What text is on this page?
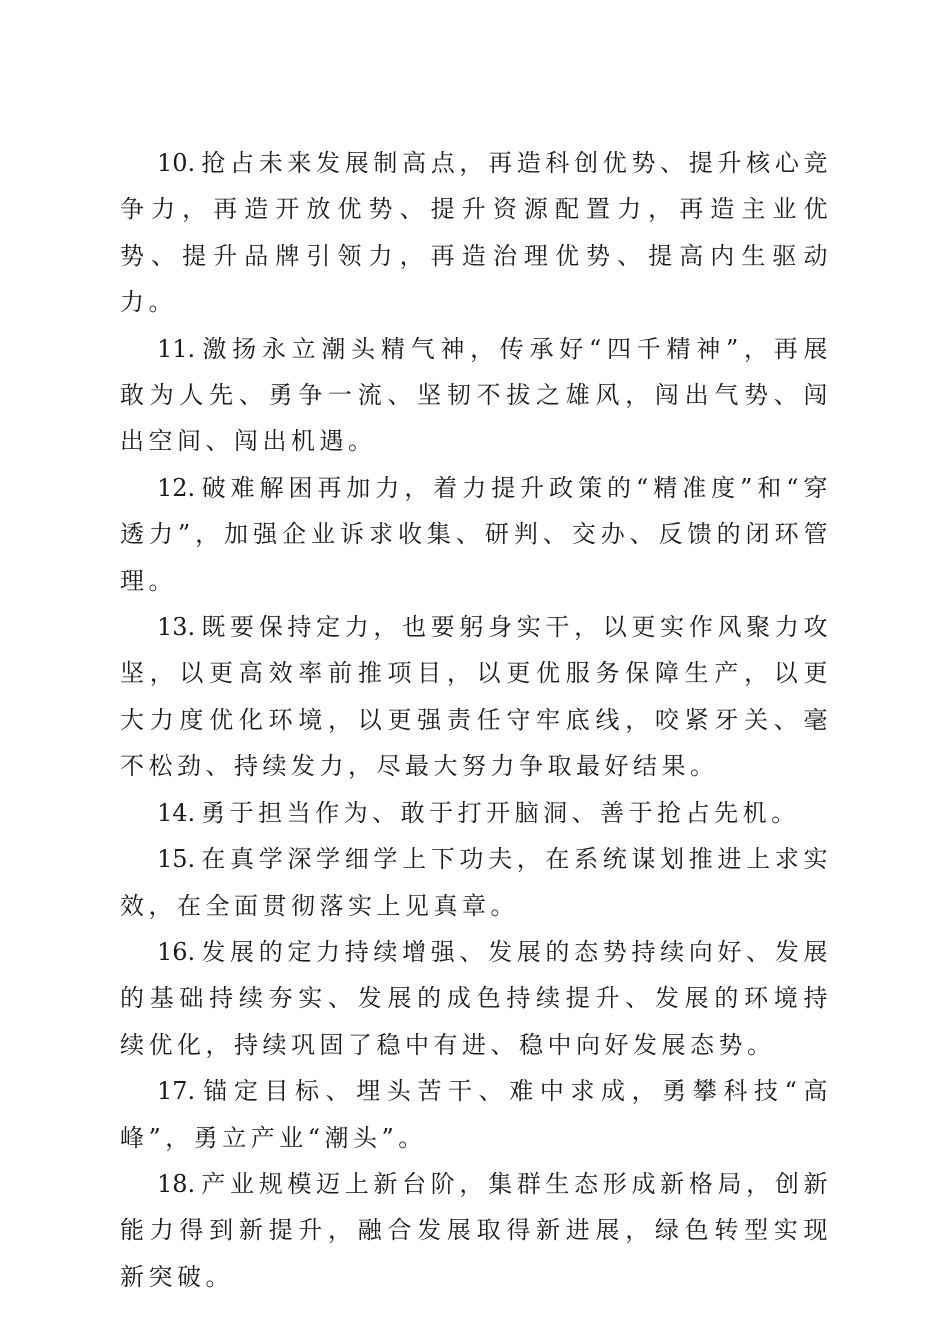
10. 抢占未来发展制高点，再造科创优势、提升核心竞争力，再造开放优势、提升资源配置力，再造主业优势、提升品牌引领力，再造治理优势、提高内生驱动力。

11. 激扬永立潮头精气神，传承好“四千精神”，再展敢为人先、勇争一流、坚韧不拔之雄风，闯出气势、闯出空间、闯出机遇。

12. 破难解困再加力，着力提升政策的“精准度”和“穿透力”，加强企业诉求收集、研判、交办、反馈的闭环管理。

13. 既要保持定力，也要躬身实干，以更实作风聚力攻坚，以更高效率前推项目，以更优服务保障生产，以更大力度优化环境，以更强责任守牢底线，咬紧牙关、毫不松劲、持续发力，尽最大努力争取最好结果。

14. 勇于担当作为、敢于打开脑洞、善于抢占先机。

15. 在真学深学细学上下功夫，在系统谋划推进上求实效，在全面贯彻落实上见真章。

16. 发展的定力持续增强、发展的态势持续向好、发展的基础持续夯实、发展的成色持续提升、发展的环境持续优化，持续巩固了稳中有进、稳中向好发展态势。

17. 锚定目标、埋头苦干、难中求成，勇攀科技“高峰”，勇立产业“潮头”。

18. 产业规模迈上新台阶，集群生态形成新格局，创新能力得到新提升，融合发展取得新进展，绿色转型实现新突破。
